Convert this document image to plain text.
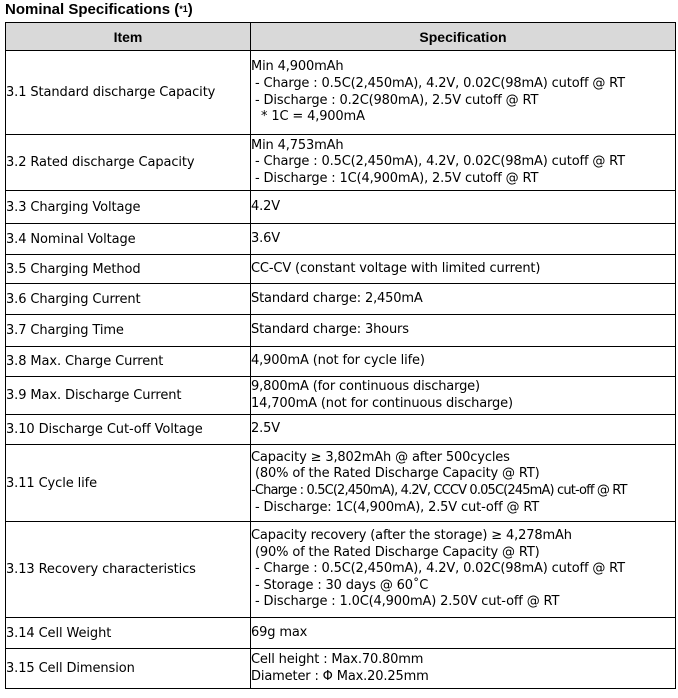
Nominal Specifications ($^{*1}$)
Item	Specification
3.1 Standard discharge Capacity	Min 4,900mAh
- Charge : 0.5C(2,450mA), 4.2V, 0.02C(98mA) cutoff @ RT
- Discharge : 0.2C(980mA), 2.5V cutoff @ RT
* 1C = 4,900mA

3.2 Rated discharge Capacity	Min 4,753mAh
- Charge : 0.5C(2,450mA), 4.2V, 0.02C(98mA) cutoff @ RT
- Discharge : 1C(4,900mA), 2.5V cutoff @ RT

3.3 Charging Voltage	4.2V

3.4 Nominal Voltage	3.6V

3.5 Charging Method	CC-CV (constant voltage with limited current)

3.6 Charging Current	Standard charge: 2,450mA

3.7 Charging Time	Standard charge: 3hours

3.8 Max. Charge Current	4,900mA (not for cycle life)

3.9 Max. Discharge Current	9,800mA (for continuous discharge)
14,700mA (not for continuous discharge)

3.10 Discharge Cut-off Voltage	2.5V

3.11 Cycle life	Capacity ≥ 3,802mAh @ after 500cycles
(80% of the Rated Discharge Capacity @ RT)
-Charge : 0.5C(2,450mA), 4.2V, CCCV 0.05C(245mA) cut-off @ RT
- Discharge: 1C(4,900mA), 2.5V cut-off @ RT

3.13 Recovery characteristics	Capacity recovery (after the storage) ≥ 4,278mAh
(90% of the Rated Discharge Capacity @ RT)
- Charge : 0.5C(2,450mA), 4.2V, 0.02C(98mA) cutoff @ RT
- Storage : 30 days @ 60˚C
- Discharge : 1.0C(4,900mA) 2.50V cut-off @ RT

3.14 Cell Weight	69g max

3.15 Cell Dimension	Cell height : Max.70.80mm
Diameter : Φ Max.20.25mm
